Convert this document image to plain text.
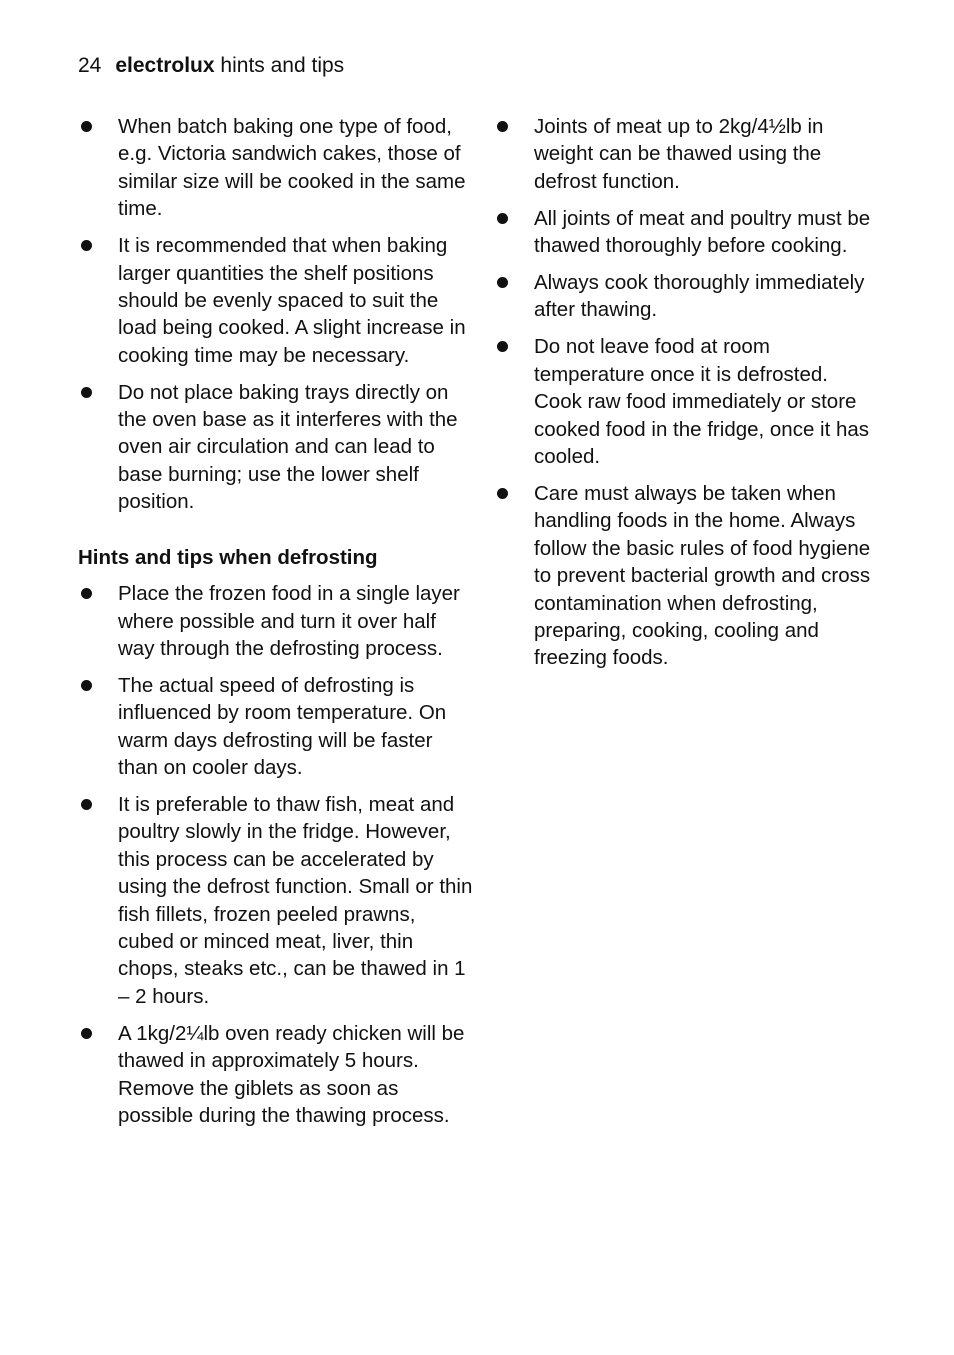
24 electrolux hints and tips
When batch baking one type of food, e.g. Victoria sandwich cakes, those of similar size will be cooked in the same time.
It is recommended that when baking larger quantities the shelf positions should be evenly spaced to suit the load being cooked. A slight increase in cooking time may be necessary.
Do not place baking trays directly on the oven base as it interferes with the oven air circulation and can lead to base burning; use the lower shelf position.
Hints and tips when defrosting
Place the frozen food in a single layer where possible and turn it over half way through the defrosting process.
The actual speed of defrosting is influenced by room temperature. On warm days defrosting will be faster than on cooler days.
It is preferable to thaw fish, meat and poultry slowly in the fridge. However, this process can be accelerated by using the defrost function. Small or thin fish fillets, frozen peeled prawns, cubed or minced meat, liver, thin chops, steaks etc., can be thawed in 1 – 2 hours.
A 1kg/2¼lb oven ready chicken will be thawed in approximately 5 hours. Remove the giblets as soon as possible during the thawing process.
Joints of meat up to 2kg/4½lb in weight can be thawed using the defrost function.
All joints of meat and poultry must be thawed thoroughly before cooking.
Always cook thoroughly immediately after thawing.
Do not leave food at room temperature once it is defrosted. Cook raw food immediately or store cooked food in the fridge, once it has cooled.
Care must always be taken when handling foods in the home. Always follow the basic rules of food hygiene to prevent bacterial growth and cross contamination when defrosting, preparing, cooking, cooling and freezing foods.
